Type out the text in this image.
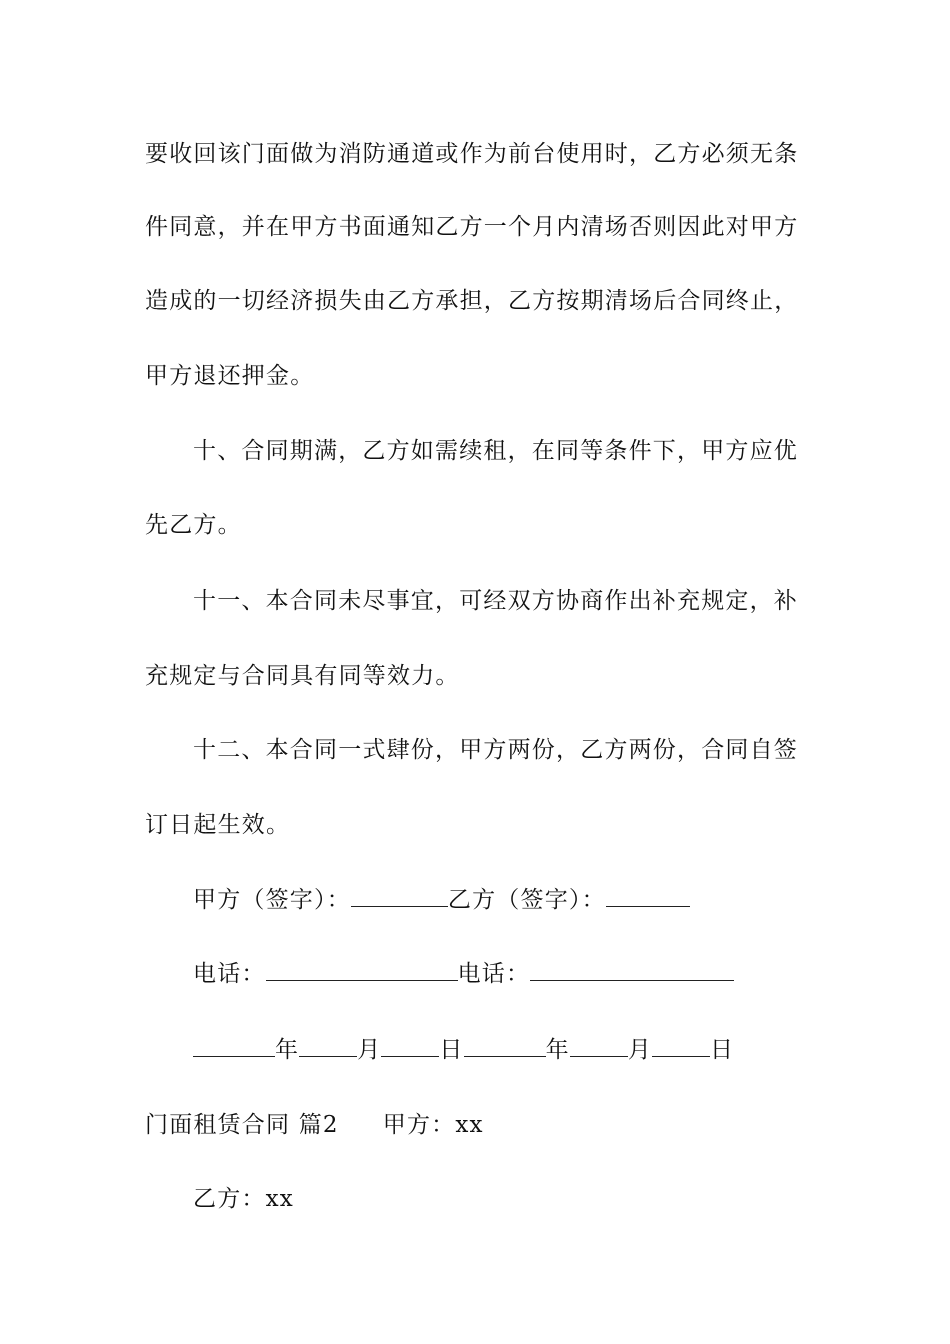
要收回该门面做为消防通道或作为前台使用时，乙方必须无条
件同意，并在甲方书面通知乙方一个月内清场否则因此对甲方
造成的一切经济损失由乙方承担，乙方按期清场后合同终止，
甲方退还押金。
十、合同期满，乙方如需续租，在同等条件下，甲方应优
先乙方。
十一、本合同未尽事宜，可经双方协商作出补充规定，补
充规定与合同具有同等效力。
十二、本合同一式肆份，甲方两份，乙方两份，合同自签
订日起生效。
甲方（签字）：	乙方（签字）：
电话：	电话：
年	月	日	年	月	日
门面租赁合同 篇2 甲方：xx
乙方：xx
